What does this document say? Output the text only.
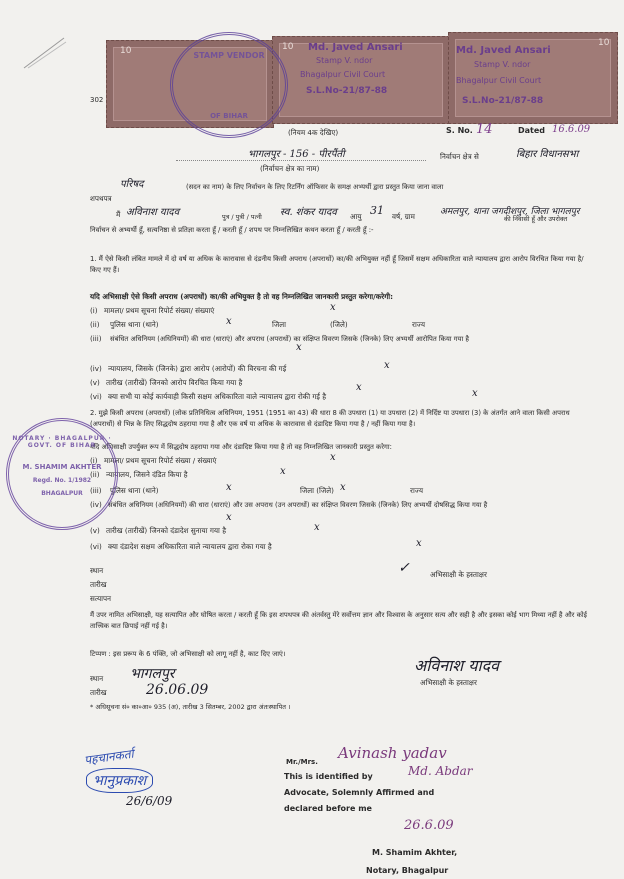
Md. Javed Ansari
Stamp V. ndor
Bhagalpur Civil Court
S.L.No-21/87-88
Md. Javed Ansari
Stamp V. ndor
Bhagalpur Civil Court
S.L.No-21/87-88
10	10	10
302
STAMP VENDOR
OF BIHAR
(नियम 4क देखिए)	S. No. 14	Dated 16.6.09
भागलपुर - 156 - पीरपैंती	निर्वाचन क्षेत्र से	बिहार विधानसभा
(निर्वाचन क्षेत्र का नाम)
परिषद	(सदन का नाम) के लिए निर्वाचन के लिए रिटर्निंग ऑफिसर के समक्ष अभ्यर्थी द्वारा प्रस्तुत किया जाना वाला
शपथपत्र
मैं अविनाश यादव	पुत्र / पुत्री / पत्नी स्व. शंकर यादव आयु 31 वर्ष, ग्राम	अमलपुर, थाना जगदीशपुर, जिला भागलपुर
की निवासी हूँ और उपरोक्त
निर्वाचन से अभ्यर्थी हूँ, सत्यनिष्ठा से प्रतिज्ञा करता हूँ / करती हूँ / शपथ पर निम्नलिखित कथन करता हूँ / करती हूँ :-
1. मैं ऐसे किसी लंबित मामले में दो वर्ष या अधिक के कारावास से दंडनीय किसी अपराध (अपराधों) का/की अभियुक्त नहीं हूँ जिसमें सक्षम अधिकारिता वाले न्यायालय द्वारा आरोप विरचित किया गया है/किए गए हैं।
यदि अभिसाक्षी ऐसे किसी अपराध (अपराधों) का/की अभियुक्त है तो वह निम्नलिखित जानकारी प्रस्तुत करेगा/करेगी:
(i) मामला/ प्रथम सूचना रिपोर्ट संख्या/ संख्याएं	x
(ii) पुलिस थाना (थाने)	x	जिला	(जिले)	राज्य
(iii) संबंधित अधिनियम (अधिनियमों) की धारा (धाराएं) और अपराध (अपराधों) का संक्षिप्त विवरण जिसके (जिनके) लिए अभ्यर्थी आरोपित किया गया है
x
(iv) न्यायालय, जिसके (जिनके) द्वारा आरोप (आरोपों) की विरचना की गई	x
(v) तारीख (तारीखें) जिनको आरोप विरचित किया गया है	x
(vi) क्या सभी या कोई कार्यवाही किसी सक्षम अधिकारिता वाले न्यायालय द्वारा रोकी गई है	x
2. मुझे किसी अपराध (अपराधों) (लोक प्रतिनिधित्व अधिनियम, 1951 (1951 का 43) की धारा 8 की उपधारा (1) या उपधारा (2) में निर्दिष्ट या उपधारा (3) के अंतर्गत आने वाला किसी अपराध (अपराधों) से भिन्न के लिए सिद्धदोष ठहराया गया है और एक वर्ष या अधिक के कारावास से दंडादिष्ट किया गया है / नहीं किया गया है।
यदि अभिसाक्षी उपर्युक्त रूप में सिद्धदोष ठहराया गया और दंडादिष्ट किया गया है तो वह निम्नलिखित जानकारी प्रस्तुत करेगा:
(i) मामला/ प्रथम सूचना रिपोर्ट संख्या / संख्याएं	x
(ii) न्यायालय, जिसने दंडित किया है	x
(iii) पुलिस थाना (थाने)	x	जिला (जिले) x	राज्य
(iv) संबंधित अधिनियम (अधिनियमों) की धारा (धाराएं) और उस अपराध (उन अपराधों) का संक्षिप्त विवरण जिसके (जिनके) लिए अभ्यर्थी दोषसिद्ध किया गया है
x
(v) तारीख (तारीखें) जिनको दंडादेश सुनाया गया है	x
(vi) क्या दंडादेश सक्षम अधिकारिता वाले न्यायालय द्वारा रोका गया है	x
NOTARY · BHAGALPUR · GOVT. OF BIHAR
M. SHAMIM AKHTER
Regd. No. 1/1982
BHAGALPUR
स्थान
तारीख
सत्यापन
✓	अभिसाक्षी के हस्ताक्षर
मैं उपर नामित अभिसाक्षी, यह सत्यापित और घोषित करता / करती हूँ कि इस शपथपत्र की अंतर्वस्तु मेरे सर्वोत्तम ज्ञान और विश्वास के अनुसार सत्य और सही है और इसका कोई भाग मिथ्या नहीं है और कोई तात्त्विक बात छिपाई नहीं गई है।
टिप्पण : इस प्ररूप के 6 पंक्ति, जो अभिसाक्षी को लागू नहीं है, काट दिए जाएं।
स्थान भागलपुर
तारीख	26.06.09
अविनाश यादव
अभिसाक्षी के हस्ताक्षर
* अधिसूचना सं० का०आ० 935 (अ), तारीख 3 सितम्बर, 2002 द्वारा अंतःस्थापित ।
पहचानकर्ता
भानुप्रकाश
26/6/09
Mr./Mrs. Avinash yadav
This is identified by	Md. Abdar
Advocate, Solemnly Affirmed and
declared before me
26.6.09
M. Shamim Akhter,
Notary, Bhagalpur
